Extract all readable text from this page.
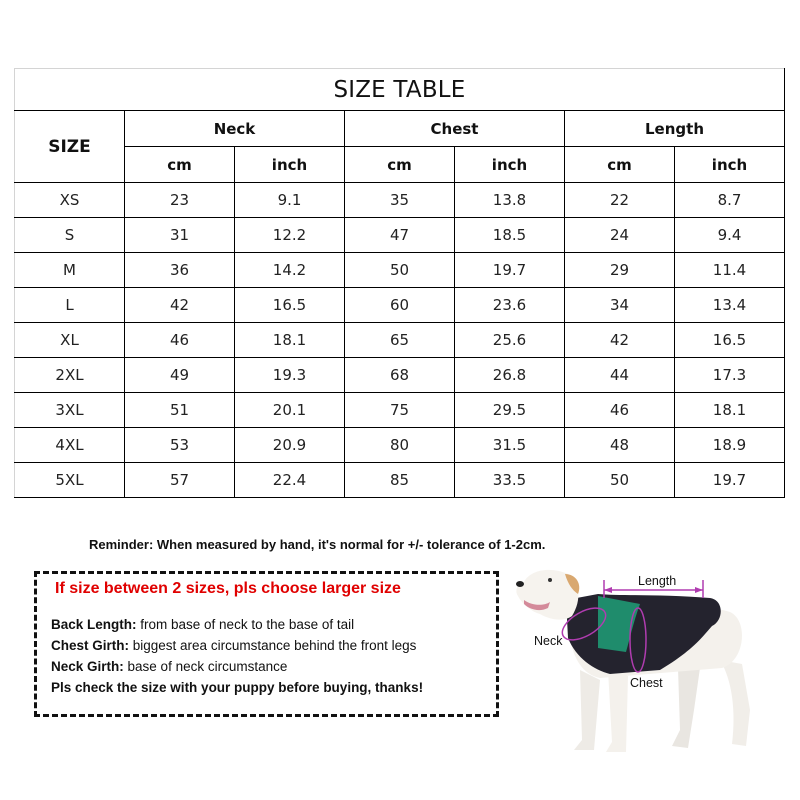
SIZE TABLE						
SIZE	Neck		Chest		Length	
	cm	inch	cm	inch	cm	inch
XS	23	9.1	35	13.8	22	8.7
S	31	12.2	47	18.5	24	9.4
M	36	14.2	50	19.7	29	11.4
L	42	16.5	60	23.6	34	13.4
XL	46	18.1	65	25.6	42	16.5
2XL	49	19.3	68	26.8	44	17.3
3XL	51	20.1	75	29.5	46	18.1
4XL	53	20.9	80	31.5	48	18.9
5XL	57	22.4	85	33.5	50	19.7
Reminder: When measured by hand, it's normal for +/- tolerance of 1-2cm.
If size between 2 sizes, pls choose larger size
Back Length: from base of neck to the base of tail
Chest Girth: biggest area circumstance behind the front legs
Neck Girth: base of neck circumstance
Pls check the size with your puppy before buying, thanks!
Length
Neck
Chest
